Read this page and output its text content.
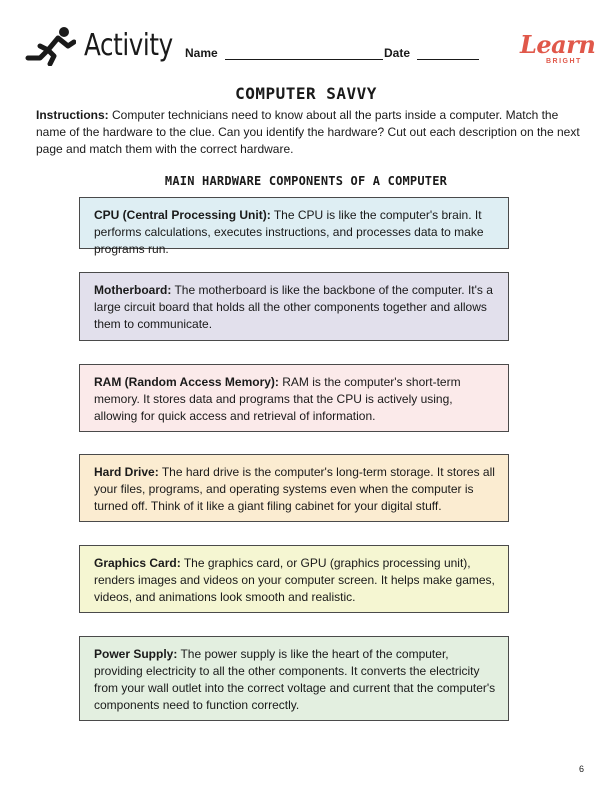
Activity Name	Date	Learn
BRIGHT
COMPUTER SAVVY
Instructions: Computer technicians need to know about all the parts inside a computer. Match the name of the hardware to the clue. Can you identify the hardware? Cut out each description on the next page and match them with the correct hardware.
MAIN HARDWARE COMPONENTS OF A COMPUTER
CPU (Central Processing Unit): The CPU is like the computer's brain. It performs calculations, executes instructions, and processes data to make programs run.
Motherboard: The motherboard is like the backbone of the computer. It's a large circuit board that holds all the other components together and allows them to communicate.
RAM (Random Access Memory): RAM is the computer's short-term memory. It stores data and programs that the CPU is actively using, allowing for quick access and retrieval of information.
Hard Drive: The hard drive is the computer's long-term storage. It stores all your files, programs, and operating systems even when the computer is turned off. Think of it like a giant filing cabinet for your digital stuff.
Graphics Card: The graphics card, or GPU (graphics processing unit), renders images and videos on your computer screen. It helps make games, videos, and animations look smooth and realistic.
Power Supply: The power supply is like the heart of the computer, providing electricity to all the other components. It converts the electricity from your wall outlet into the correct voltage and current that the computer's components need to function correctly.
6
